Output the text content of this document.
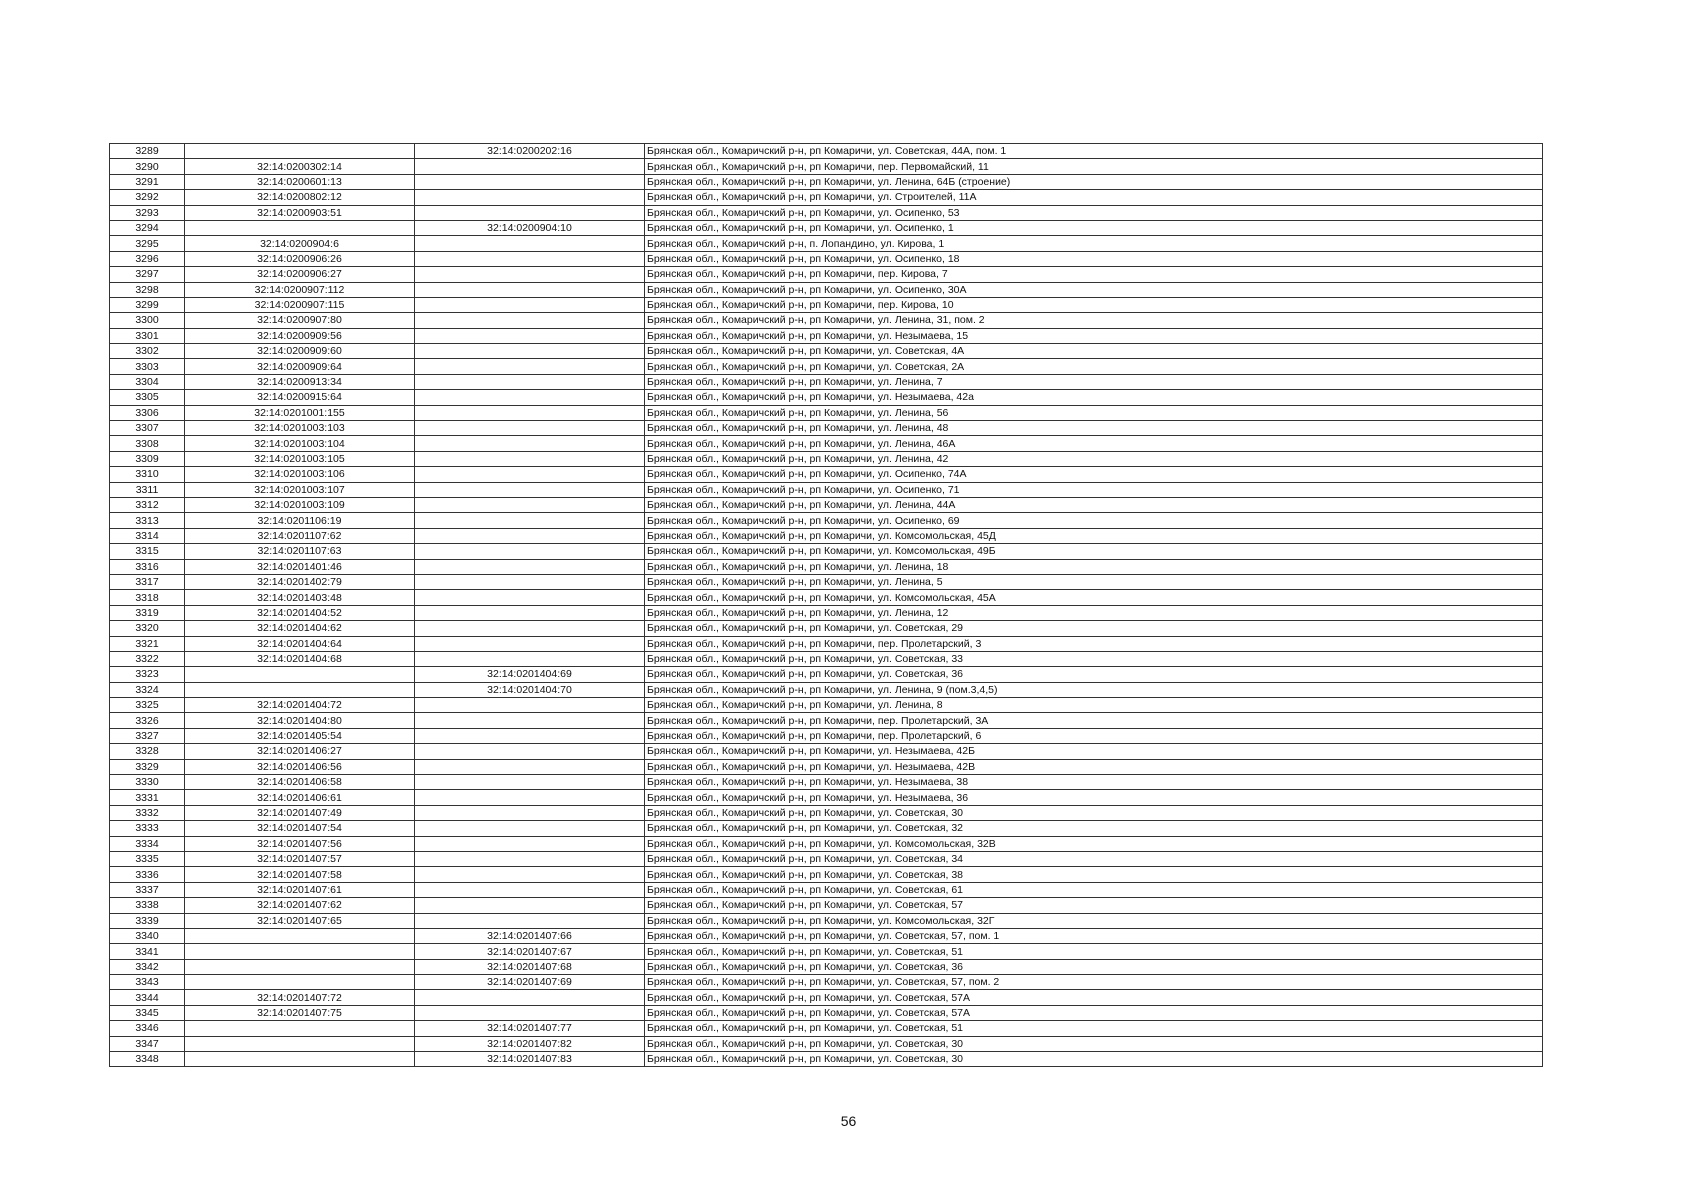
3289		32:14:0200202:16	Брянская обл., Комаричский р-н, рп Комаричи, ул. Советская, 44А, пом. 1
3290	32:14:0200302:14		Брянская обл., Комаричский р-н, рп Комаричи, пер. Первомайский, 11
3291	32:14:0200601:13		Брянская обл., Комаричский р-н, рп Комаричи, ул. Ленина, 64Б (строение)
3292	32:14:0200802:12		Брянская обл., Комаричский р-н, рп Комаричи, ул. Строителей, 11А
3293	32:14:0200903:51		Брянская обл., Комаричский р-н, рп Комаричи, ул. Осипенко, 53
3294		32:14:0200904:10	Брянская обл., Комаричский р-н, рп Комаричи, ул. Осипенко, 1
3295	32:14:0200904:6		Брянская обл., Комаричский р-н, п. Лопандино, ул. Кирова, 1
3296	32:14:0200906:26		Брянская обл., Комаричский р-н, рп Комаричи, ул. Осипенко, 18
3297	32:14:0200906:27		Брянская обл., Комаричский р-н, рп Комаричи, пер. Кирова, 7
3298	32:14:0200907:112		Брянская обл., Комаричский р-н, рп Комаричи, ул. Осипенко, 30А
3299	32:14:0200907:115		Брянская обл., Комаричский р-н, рп Комаричи, пер. Кирова, 10
3300	32:14:0200907:80		Брянская обл., Комаричский р-н, рп Комаричи, ул. Ленина, 31, пом. 2
3301	32:14:0200909:56		Брянская обл., Комаричский р-н, рп Комаричи, ул. Незымаева, 15
3302	32:14:0200909:60		Брянская обл., Комаричский р-н, рп Комаричи, ул. Советская, 4А
3303	32:14:0200909:64		Брянская обл., Комаричский р-н, рп Комаричи, ул. Советская, 2А
3304	32:14:0200913:34		Брянская обл., Комаричский р-н, рп Комаричи, ул. Ленина, 7
3305	32:14:0200915:64		Брянская обл., Комаричский р-н, рп Комаричи, ул. Незымаева, 42а
3306	32:14:0201001:155		Брянская обл., Комаричский р-н, рп Комаричи, ул. Ленина, 56
3307	32:14:0201003:103		Брянская обл., Комаричский р-н, рп Комаричи, ул. Ленина, 48
3308	32:14:0201003:104		Брянская обл., Комаричский р-н, рп Комаричи, ул. Ленина, 46А
3309	32:14:0201003:105		Брянская обл., Комаричский р-н, рп Комаричи, ул. Ленина, 42
3310	32:14:0201003:106		Брянская обл., Комаричский р-н, рп Комаричи, ул. Осипенко, 74А
3311	32:14:0201003:107		Брянская обл., Комаричский р-н, рп Комаричи, ул. Осипенко, 71
3312	32:14:0201003:109		Брянская обл., Комаричский р-н, рп Комаричи, ул. Ленина, 44А
3313	32:14:0201106:19		Брянская обл., Комаричский р-н, рп Комаричи, ул. Осипенко, 69
3314	32:14:0201107:62		Брянская обл., Комаричский р-н, рп Комаричи, ул. Комсомольская, 45Д
3315	32:14:0201107:63		Брянская обл., Комаричский р-н, рп Комаричи, ул. Комсомольская, 49Б
3316	32:14:0201401:46		Брянская обл., Комаричский р-н, рп Комаричи, ул. Ленина, 18
3317	32:14:0201402:79		Брянская обл., Комаричский р-н, рп Комаричи, ул. Ленина, 5
3318	32:14:0201403:48		Брянская обл., Комаричский р-н, рп Комаричи, ул. Комсомольская, 45А
3319	32:14:0201404:52		Брянская обл., Комаричский р-н, рп Комаричи, ул. Ленина, 12
3320	32:14:0201404:62		Брянская обл., Комаричский р-н, рп Комаричи, ул. Советская, 29
3321	32:14:0201404:64		Брянская обл., Комаричский р-н, рп Комаричи, пер. Пролетарский, 3
3322	32:14:0201404:68		Брянская обл., Комаричский р-н, рп Комаричи, ул. Советская, 33
3323		32:14:0201404:69	Брянская обл., Комаричский р-н, рп Комаричи, ул. Советская, 36
3324		32:14:0201404:70	Брянская обл., Комаричский р-н, рп Комаричи, ул. Ленина, 9 (пом.3,4,5)
3325	32:14:0201404:72		Брянская обл., Комаричский р-н, рп Комаричи, ул. Ленина, 8
3326	32:14:0201404:80		Брянская обл., Комаричский р-н, рп Комаричи, пер. Пролетарский, 3А
3327	32:14:0201405:54		Брянская обл., Комаричский р-н, рп Комаричи, пер. Пролетарский, 6
3328	32:14:0201406:27		Брянская обл., Комаричский р-н, рп Комаричи, ул. Незымаева, 42Б
3329	32:14:0201406:56		Брянская обл., Комаричский р-н, рп Комаричи, ул. Незымаева, 42В
3330	32:14:0201406:58		Брянская обл., Комаричский р-н, рп Комаричи, ул. Незымаева, 38
3331	32:14:0201406:61		Брянская обл., Комаричский р-н, рп Комаричи, ул. Незымаева, 36
3332	32:14:0201407:49		Брянская обл., Комаричский р-н, рп Комаричи, ул. Советская, 30
3333	32:14:0201407:54		Брянская обл., Комаричский р-н, рп Комаричи, ул. Советская, 32
3334	32:14:0201407:56		Брянская обл., Комаричский р-н, рп Комаричи, ул. Комсомольская, 32В
3335	32:14:0201407:57		Брянская обл., Комаричский р-н, рп Комаричи, ул. Советская, 34
3336	32:14:0201407:58		Брянская обл., Комаричский р-н, рп Комаричи, ул. Советская, 38
3337	32:14:0201407:61		Брянская обл., Комаричский р-н, рп Комаричи, ул. Советская, 61
3338	32:14:0201407:62		Брянская обл., Комаричский р-н, рп Комаричи, ул. Советская, 57
3339	32:14:0201407:65		Брянская обл., Комаричский р-н, рп Комаричи, ул. Комсомольская, 32Г
3340		32:14:0201407:66	Брянская обл., Комаричский р-н, рп Комаричи, ул. Советская, 57, пом. 1
3341		32:14:0201407:67	Брянская обл., Комаричский р-н, рп Комаричи, ул. Советская, 51
3342		32:14:0201407:68	Брянская обл., Комаричский р-н, рп Комаричи, ул. Советская, 36
3343		32:14:0201407:69	Брянская обл., Комаричский р-н, рп Комаричи, ул. Советская, 57, пом. 2
3344	32:14:0201407:72		Брянская обл., Комаричский р-н, рп Комаричи, ул. Советская, 57А
3345	32:14:0201407:75		Брянская обл., Комаричский р-н, рп Комаричи, ул. Советская, 57А
3346		32:14:0201407:77	Брянская обл., Комаричский р-н, рп Комаричи, ул. Советская, 51
3347		32:14:0201407:82	Брянская обл., Комаричский р-н, рп Комаричи, ул. Советская, 30
3348		32:14:0201407:83	Брянская обл., Комаричский р-н, рп Комаричи, ул. Советская, 30
56
